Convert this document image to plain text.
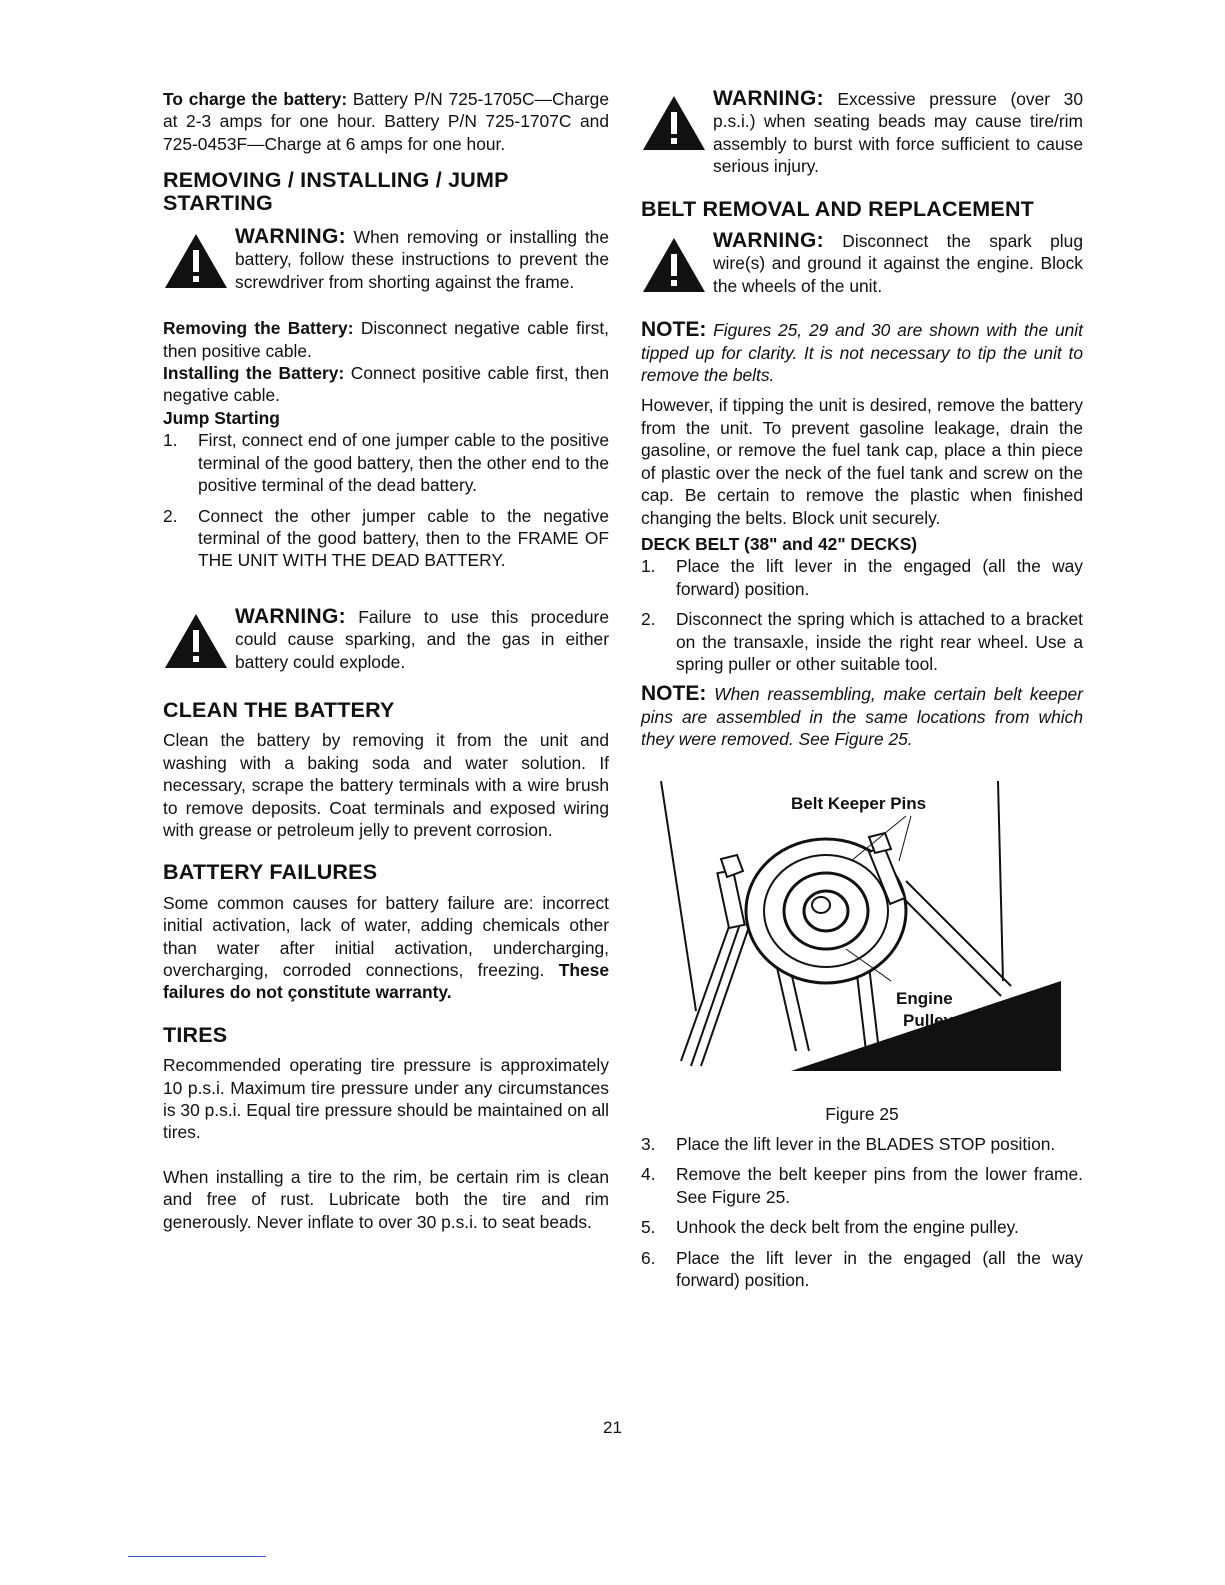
To charge the battery: Battery P/N 725-1705C—Charge at 2-3 amps for one hour. Battery P/N 725-1707C and 725-0453F—Charge at 6 amps for one hour.

REMOVING / INSTALLING / JUMP STARTING
WARNING: When removing or installing the battery, follow these instructions to prevent the screwdriver from shorting against the frame.

Removing the Battery: Disconnect negative cable first, then positive cable.

Installing the Battery: Connect positive cable first, then negative cable.

Jump Starting

1.	First, connect end of one jumper cable to the positive terminal of the good battery, then the other end to the positive terminal of the dead battery.
2.	Connect the other jumper cable to the negative terminal of the good battery, then to the FRAME OF THE UNIT WITH THE DEAD BATTERY.
WARNING: Failure to use this procedure could cause sparking, and the gas in either battery could explode.
CLEAN THE BATTERY

Clean the battery by removing it from the unit and washing with a baking soda and water solution. If necessary, scrape the battery terminals with a wire brush to remove deposits. Coat terminals and exposed wiring with grease or petroleum jelly to prevent corrosion.

BATTERY FAILURES

Some common causes for battery failure are: incorrect initial activation, lack of water, adding chemicals other than water after initial activation, undercharging, overcharging, corroded connections, freezing. These failures do not çonstitute warranty.

TIRES

Recommended operating tire pressure is approximately 10 p.s.i. Maximum tire pressure under any circumstances is 30 p.s.i. Equal tire pressure should be maintained on all tires.

When installing a tire to the rim, be certain rim is clean and free of rust. Lubricate both the tire and rim generously. Never inflate to over 30 p.s.i. to seat beads.

WARNING: Excessive pressure (over 30 p.s.i.) when seating beads may cause tire/rim assembly to burst with force sufficient to cause serious injury.
BELT REMOVAL AND REPLACEMENT
WARNING: Disconnect the spark plug wire(s) and ground it against the engine. Block the wheels of the unit.

NOTE: Figures 25, 29 and 30 are shown with the unit tipped up for clarity. It is not necessary to tip the unit to remove the belts.

However, if tipping the unit is desired, remove the battery from the unit. To prevent gasoline leakage, drain the gasoline, or remove the fuel tank cap, place a thin piece of plastic over the neck of the fuel tank and screw on the cap. Be certain to remove the plastic when finished changing the belts. Block unit securely.

DECK BELT (38" and 42" DECKS)

1.	Place the lift lever in the engaged (all the way forward) position.
2.	Disconnect the spring which is attached to a bracket on the transaxle, inside the right rear wheel. Use a spring puller or other suitable tool.

NOTE: When reassembling, make certain belt keeper pins are assembled in the same locations from which they were removed. See Figure 25.

Belt Keeper Pins
Engine
Pulley

Figure 25

3.	Place the lift lever in the BLADES STOP position.
4.	Remove the belt keeper pins from the lower frame. See Figure 25.
5.	Unhook the deck belt from the engine pulley.
6.	Place the lift lever in the engaged (all the way forward) position.
21
